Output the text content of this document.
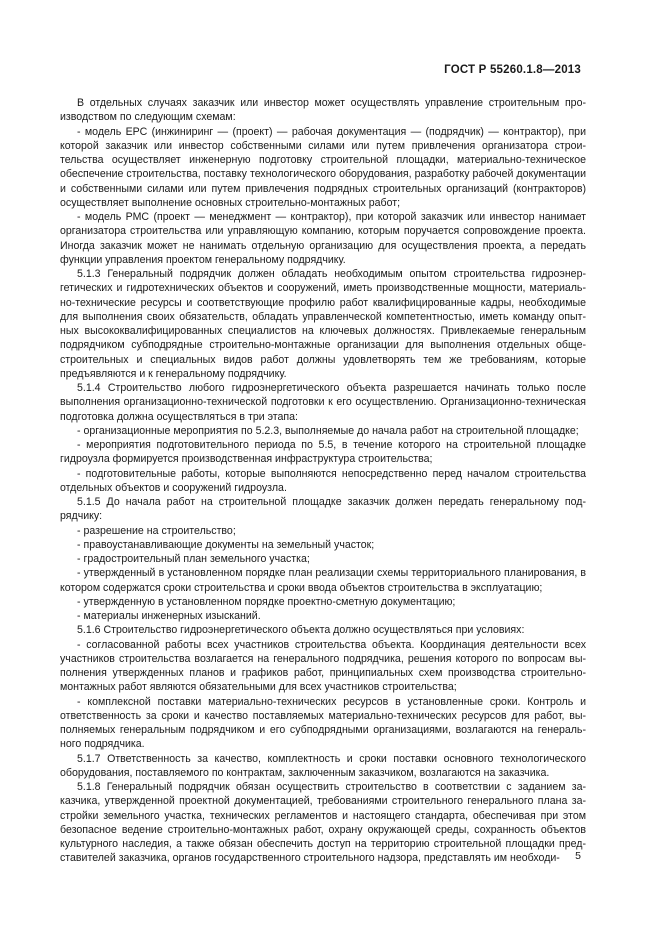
ГОСТ Р 55260.1.8—2013

В отдельных случаях заказчик или инвестор может осуществлять управление строительным производством по следующим схемам:

- модель ЕРС (инжиниринг — (проект) — рабочая документация — (подрядчик) — контрактор), при которой заказчик или инвестор собственными силами или путем привлечения организатора строительства осуществляет инженерную подготовку строительной площадки, материально-техническое обеспечение строительства, поставку технологического оборудования, разработку рабочей документации и собственными силами или путем привлечения подрядных строительных организаций (контракторов) осуществляет выполнение основных строительно-монтажных работ;

- модель РМС (проект — менеджмент — контрактор), при которой заказчик или инвестор нанимает организатора строительства или управляющую компанию, которым поручается сопровождение проекта. Иногда заказчик может не нанимать отдельную организацию для осуществления проекта, а передать функции управления проектом генеральному подрядчику.

5.1.3 Генеральный подрядчик должен обладать необходимым опытом строительства гидроэнергетических и гидротехнических объектов и сооружений, иметь производственные мощности, материально-технические ресурсы и соответствующие профилю работ квалифицированные кадры, необходимые для выполнения своих обязательств, обладать управленческой компетентностью, иметь команду опытных высококвалифицированных специалистов на ключевых должностях. Привлекаемые генеральным подрядчиком субподрядные строительно-монтажные организации для выполнения отдельных общестроительных и специальных видов работ должны удовлетворять тем же требованиям, которые предъявляются и к генеральному подрядчику.

5.1.4 Строительство любого гидроэнергетического объекта разрешается начинать только после выполнения организационно-технической подготовки к его осуществлению. Организационно-техническая подготовка должна осуществляться в три этапа:

- организационные мероприятия по 5.2.3, выполняемые до начала работ на строительной площадке;

- мероприятия подготовительного периода по 5.5, в течение которого на строительной площадке гидроузла формируется производственная инфраструктура строительства;

- подготовительные работы, которые выполняются непосредственно перед началом строительства отдельных объектов и сооружений гидроузла.

5.1.5 До начала работ на строительной площадке заказчик должен передать генеральному подрядчику:

- разрешение на строительство;

- правоустанавливающие документы на земельный участок;

- градостроительный план земельного участка;

- утвержденный в установленном порядке план реализации схемы территориального планирования, в котором содержатся сроки строительства и сроки ввода объектов строительства в эксплуатацию;

- утвержденную в установленном порядке проектно-сметную документацию;

- материалы инженерных изысканий.

5.1.6 Строительство гидроэнергетического объекта должно осуществляться при условиях:

- согласованной работы всех участников строительства объекта. Координация деятельности всех участников строительства возлагается на генерального подрядчика, решения которого по вопросам выполнения утвержденных планов и графиков работ, принципиальных схем производства строительно-монтажных работ являются обязательными для всех участников строительства;

- комплексной поставки материально-технических ресурсов в установленные сроки. Контроль и ответственность за сроки и качество поставляемых материально-технических ресурсов для работ, выполняемых генеральным подрядчиком и его субподрядными организациями, возлагаются на генерального подрядчика.

5.1.7 Ответственность за качество, комплектность и сроки поставки основного технологического оборудования, поставляемого по контрактам, заключенным заказчиком, возлагаются на заказчика.

5.1.8 Генеральный подрядчик обязан осуществить строительство в соответствии с заданием заказчика, утвержденной проектной документацией, требованиями строительного генерального плана застройки земельного участка, технических регламентов и настоящего стандарта, обеспечивая при этом безопасное ведение строительно-монтажных работ, охрану окружающей среды, сохранность объектов культурного наследия, а также обязан обеспечить доступ на территорию строительной площадки представителей заказчика, органов государственного строительного надзора, представлять им необходи-	5
